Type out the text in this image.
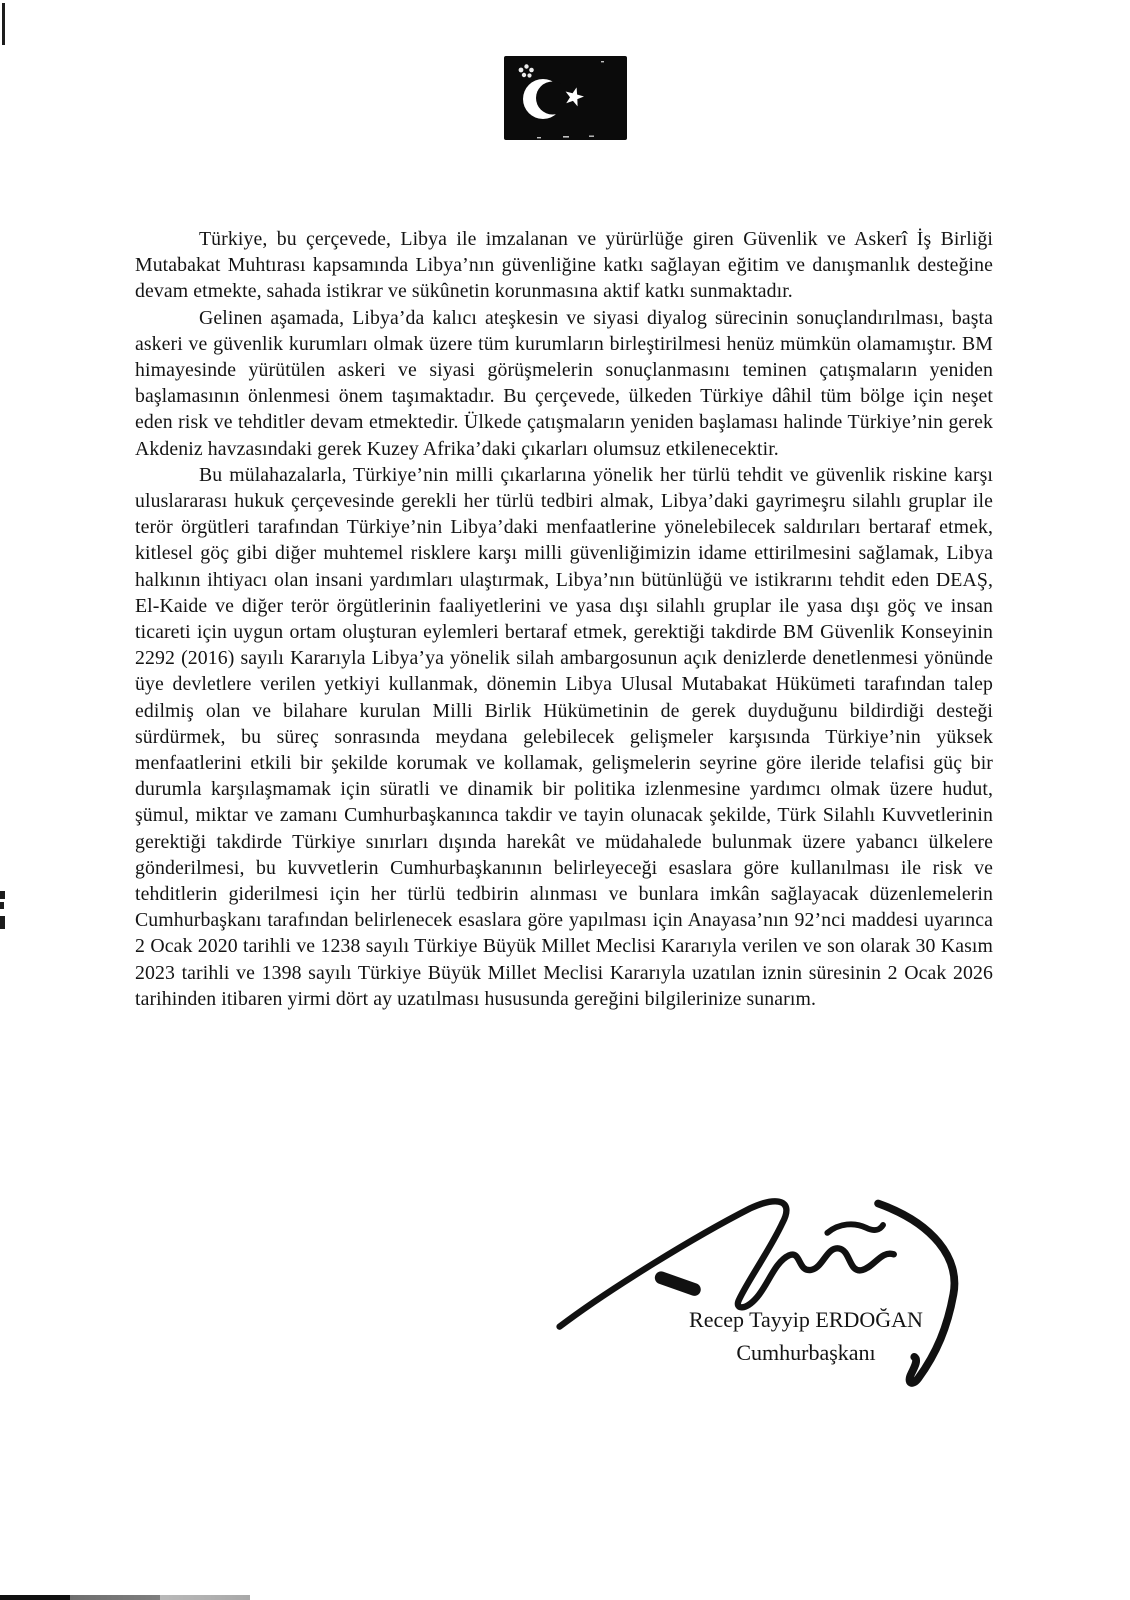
Türkiye, bu çerçevede, Libya ile imzalanan ve yürürlüğe giren Güvenlik ve Askerî İş Birliği Mutabakat Muhtırası kapsamında Libya’nın güvenliğine katkı sağlayan eğitim ve danışmanlık desteğine devam etmekte, sahada istikrar ve sükûnetin korunmasına aktif katkı sunmaktadır.

Gelinen aşamada, Libya’da kalıcı ateşkesin ve siyasi diyalog sürecinin sonuçlandırılması, başta askeri ve güvenlik kurumları olmak üzere tüm kurumların birleştirilmesi henüz mümkün olamamıştır. BM himayesinde yürütülen askeri ve siyasi görüşmelerin sonuçlanmasını teminen çatışmaların yeniden başlamasının önlenmesi önem taşımaktadır. Bu çerçevede, ülkeden Türkiye dâhil tüm bölge için neşet eden risk ve tehditler devam etmektedir. Ülkede çatışmaların yeniden başlaması halinde Türkiye’nin gerek Akdeniz havzasındaki gerek Kuzey Afrika’daki çıkarları olumsuz etkilenecektir.

Bu mülahazalarla, Türkiye’nin milli çıkarlarına yönelik her türlü tehdit ve güvenlik riskine karşı uluslararası hukuk çerçevesinde gerekli her türlü tedbiri almak, Libya’daki gayrimeşru silahlı gruplar ile terör örgütleri tarafından Türkiye’nin Libya’daki menfaatlerine yönelebilecek saldırıları bertaraf etmek, kitlesel göç gibi diğer muhtemel risklere karşı milli güvenliğimizin idame ettirilmesini sağlamak, Libya halkının ihtiyacı olan insani yardımları ulaştırmak, Libya’nın bütünlüğü ve istikrarını tehdit eden DEAŞ, El-Kaide ve diğer terör örgütlerinin faaliyetlerini ve yasa dışı silahlı gruplar ile yasa dışı göç ve insan ticareti için uygun ortam oluşturan eylemleri bertaraf etmek, gerektiği takdirde BM Güvenlik Konseyinin 2292 (2016) sayılı Kararıyla Libya’ya yönelik silah ambargosunun açık denizlerde denetlenmesi yönünde üye devletlere verilen yetkiyi kullanmak, dönemin Libya Ulusal Mutabakat Hükümeti tarafından talep edilmiş olan ve bilahare kurulan Milli Birlik Hükümetinin de gerek duyduğunu bildirdiği desteği sürdürmek, bu süreç sonrasında meydana gelebilecek gelişmeler karşısında Türkiye’nin yüksek menfaatlerini etkili bir şekilde korumak ve kollamak, gelişmelerin seyrine göre ileride telafisi güç bir durumla karşılaşmamak için süratli ve dinamik bir politika izlenmesine yardımcı olmak üzere hudut, şümul, miktar ve zamanı Cumhurbaşkanınca takdir ve tayin olunacak şekilde, Türk Silahlı Kuvvetlerinin gerektiği takdirde Türkiye sınırları dışında harekât ve müdahalede bulunmak üzere yabancı ülkelere gönderilmesi, bu kuvvetlerin Cumhurbaşkanının belirleyeceği esaslara göre kullanılması ile risk ve tehditlerin giderilmesi için her türlü tedbirin alınması ve bunlara imkân sağlayacak düzenlemelerin Cumhurbaşkanı tarafından belirlenecek esaslara göre yapılması için Anayasa’nın 92’nci maddesi uyarınca 2 Ocak 2020 tarihli ve 1238 sayılı Türkiye Büyük Millet Meclisi Kararıyla verilen ve son olarak 30 Kasım 2023 tarihli ve 1398 sayılı Türkiye Büyük Millet Meclisi Kararıyla uzatılan iznin süresinin 2 Ocak 2026 tarihinden itibaren yirmi dört ay uzatılması hususunda gereğini bilgilerinize sunarım.

Recep Tayyip ERDOĞAN
Cumhurbaşkanı
